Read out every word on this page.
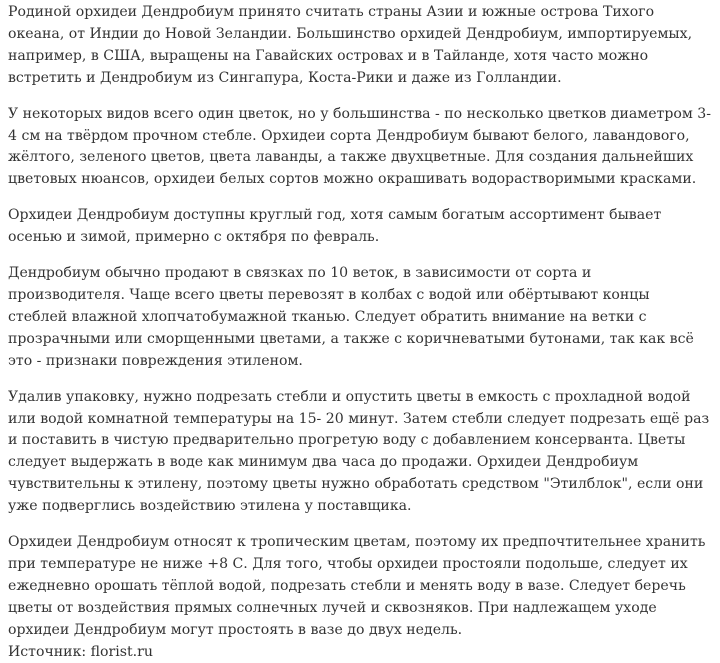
Родиной орхидеи Дендробиум принято считать страны Азии и южные острова Тихого океана, от Индии до Новой Зеландии. Большинство орхидей Дендробиум, импортируемых, например, в США, выращены на Гавайских островах и в Тайланде, хотя часто можно встретить и Дендробиум из Сингапура, Коста-Рики и даже из Голландии.

У некоторых видов всего один цветок, но у большинства - по несколько цветков диаметром 3-4 см на твёрдом прочном стебле. Орхидеи сорта Дендробиум бывают белого, лавандового, жёлтого, зеленого цветов, цвета лаванды, а также двухцветные. Для создания дальнейших цветовых нюансов, орхидеи белых сортов можно окрашивать водорастворимыми красками.

Орхидеи Дендробиум доступны круглый год, хотя самым богатым ассортимент бывает осенью и зимой, примерно с октября по февраль.

Дендробиум обычно продают в связках по 10 веток, в зависимости от сорта и производителя. Чаще всего цветы перевозят в колбах с водой или обёртывают концы стеблей влажной хлопчатобумажной тканью. Следует обратить внимание на ветки с прозрачными или сморщенными цветами, а также с коричневатыми бутонами, так как всё это - признаки повреждения этиленом.

Удалив упаковку, нужно подрезать стебли и опустить цветы в емкость с прохладной водой или водой комнатной температуры на 15- 20 минут. Затем стебли следует подрезать ещё раз и поставить в чистую предварительно прогретую воду с добавлением консерванта. Цветы следует выдержать в воде как минимум два часа до продажи. Орхидеи Дендробиум чувствительны к этилену, поэтому цветы нужно обработать средством "Этилблок", если они уже подверглись воздействию этилена у поставщика.

Орхидеи Дендробиум относят к тропическим цветам, поэтому их предпочтительнее хранить при температуре не ниже +8 С. Для того, чтобы орхидеи простояли подольше, следует их ежедневно орошать тёплой водой, подрезать стебли и менять воду в вазе. Следует беречь цветы от воздействия прямых солнечных лучей и сквозняков. При надлежащем уходе орхидеи Дендробиум могут простоять в вазе до двух недель.

Источник: florist.ru
